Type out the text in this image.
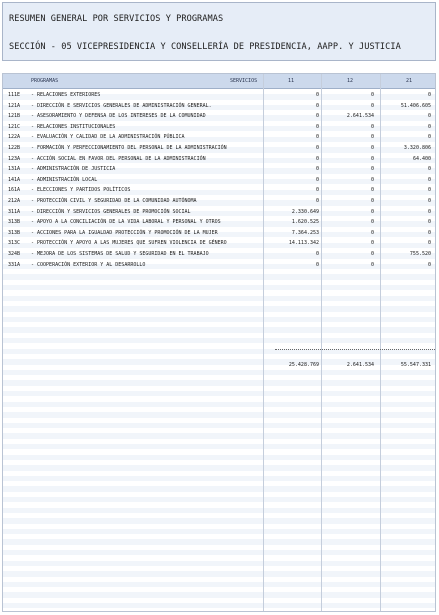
RESUMEN GENERAL POR SERVICIOS Y PROGRAMAS
SECCIÓN - 05 VICEPRESIDENCIA Y CONSELLERÍA DE PRESIDENCIA, AAPP. Y JUSTICIA
PROGRAMAS	SERVICIOS	11	12	21
111E - RELACIONES EXTERIORES	0	0	0
121A - DIRECCIÓN E SERVICIOS GENERALES DE ADMINISTRACIÓN GENERAL.	0	0	51.406.605
121B - ASESORAMIENTO Y DEFENSA DE LOS INTERESES DE LA COMUNIDAD	0	2.641.534	0
121C - RELACIONES INSTITUCIONALES	0	0	0
122A - EVALUACIÓN Y CALIDAD DE LA ADMINISTRACIÓN PÚBLICA	0	0	0
122B - FORMACIÓN Y PERFECCIONAMIENTO DEL PERSONAL DE LA ADMINISTRACIÓN	0	0	3.320.806
123A - ACCIÓN SOCIAL EN FAVOR DEL PERSONAL DE LA ADMINISTRACIÓN	0	0	64.400
131A - ADMINISTRACIÓN DE JUSTICIA	0	0	0
141A - ADMINISTRACIÓN LOCAL	0	0	0
161A - ELECCIONES Y PARTIDOS POLÍTICOS	0	0	0
212A - PROTECCIÓN CIVIL Y SEGURIDAD DE LA COMUNIDAD AUTÓNOMA	0	0	0
311A - DIRECCIÓN Y SERVICIOS GENERALES DE PROMOCIÓN SOCIAL	2.330.649	0	0
313B - APOYO A LA CONCILIACIÓN DE LA VIDA LABORAL Y PERSONAL Y OTROS	1.620.525	0	0
313B - ACCIONES PARA LA IGUALDAD PROTECCIÓN Y PROMOCIÓN DE LA MUJER	7.364.253	0	0
313C - PROTECCIÓN Y APOYO A LAS MUJERES QUE SUFREN VIOLENCIA DE GÉNERO	14.113.342	0	0
324B - MEJORA DE LOS SISTEMAS DE SALUD Y SEGURIDAD EN EL TRABAJO	0	0	755.520
331A - COOPERACIÓN EXTERIOR Y AL DESARROLLO	0	0	0
25.428.769	2.641.534	55.547.331
